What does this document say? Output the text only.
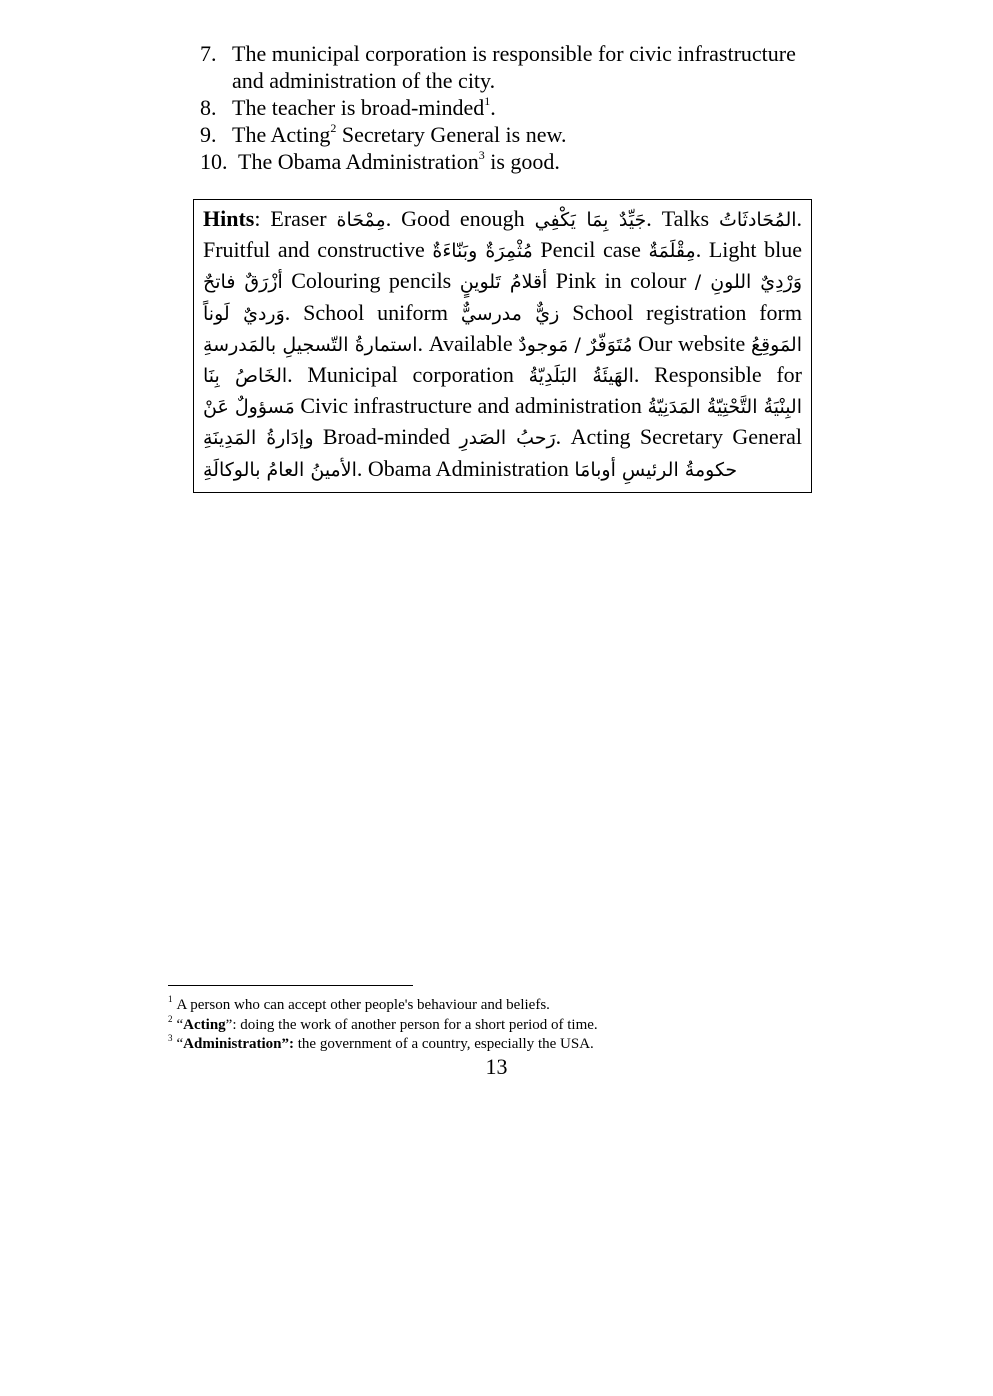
7. The municipal corporation is responsible for civic infrastructure and administration of the city.
8. The teacher is broad-minded$^1$.
9. The Acting$^2$ Secretary General is new.
10. The Obama Administration$^3$ is good.
Hints: Eraser مِمْحَاة. Good enough جَيِّدٌ بِمَا يَكْفِي. Talks المُحَادثَاتُ. Fruitful and constructive مُثْمِرَةٌ وبَنّاءَةٌ Pencil case مِقْلَمَةٌ. Light blue أزْرَقٌ فاتحٌ Colouring pencils أقلامُ تَلوينٍ Pink in colour وَرْدِيٌ اللونِ / وَرديٌ لَوناً. School uniform زيٌّ مدرسيٌّ School registration form استمارةُ التّسجيلِ بالمَدرسةِ. Available مُتَوَفّرٌ / مَوجودٌ Our website المَوقِعُ الخَاصُ بِنَا. Municipal corporation الهَيئَةُ البَلَدِيّةُ. Responsible for مَسؤولٌ عَنْ Civic infrastructure and administration البِنْيَةُ التَّحْتِيّةُ المَدَنِيّةُ وإدَارةُ المَدِينَةِ Broad-minded رَحبُ الصَدرِ. Acting Secretary General الأمينُ العامُ بالوكالَةِ. Obama Administration حكومةُ الرئيسِ أوبامَا
$^1$ A person who can accept other people's behaviour and beliefs.
$^2$ “Acting”: doing the work of another person for a short period of time.
$^3$ “Administration”: the government of a country, especially the USA.
13
